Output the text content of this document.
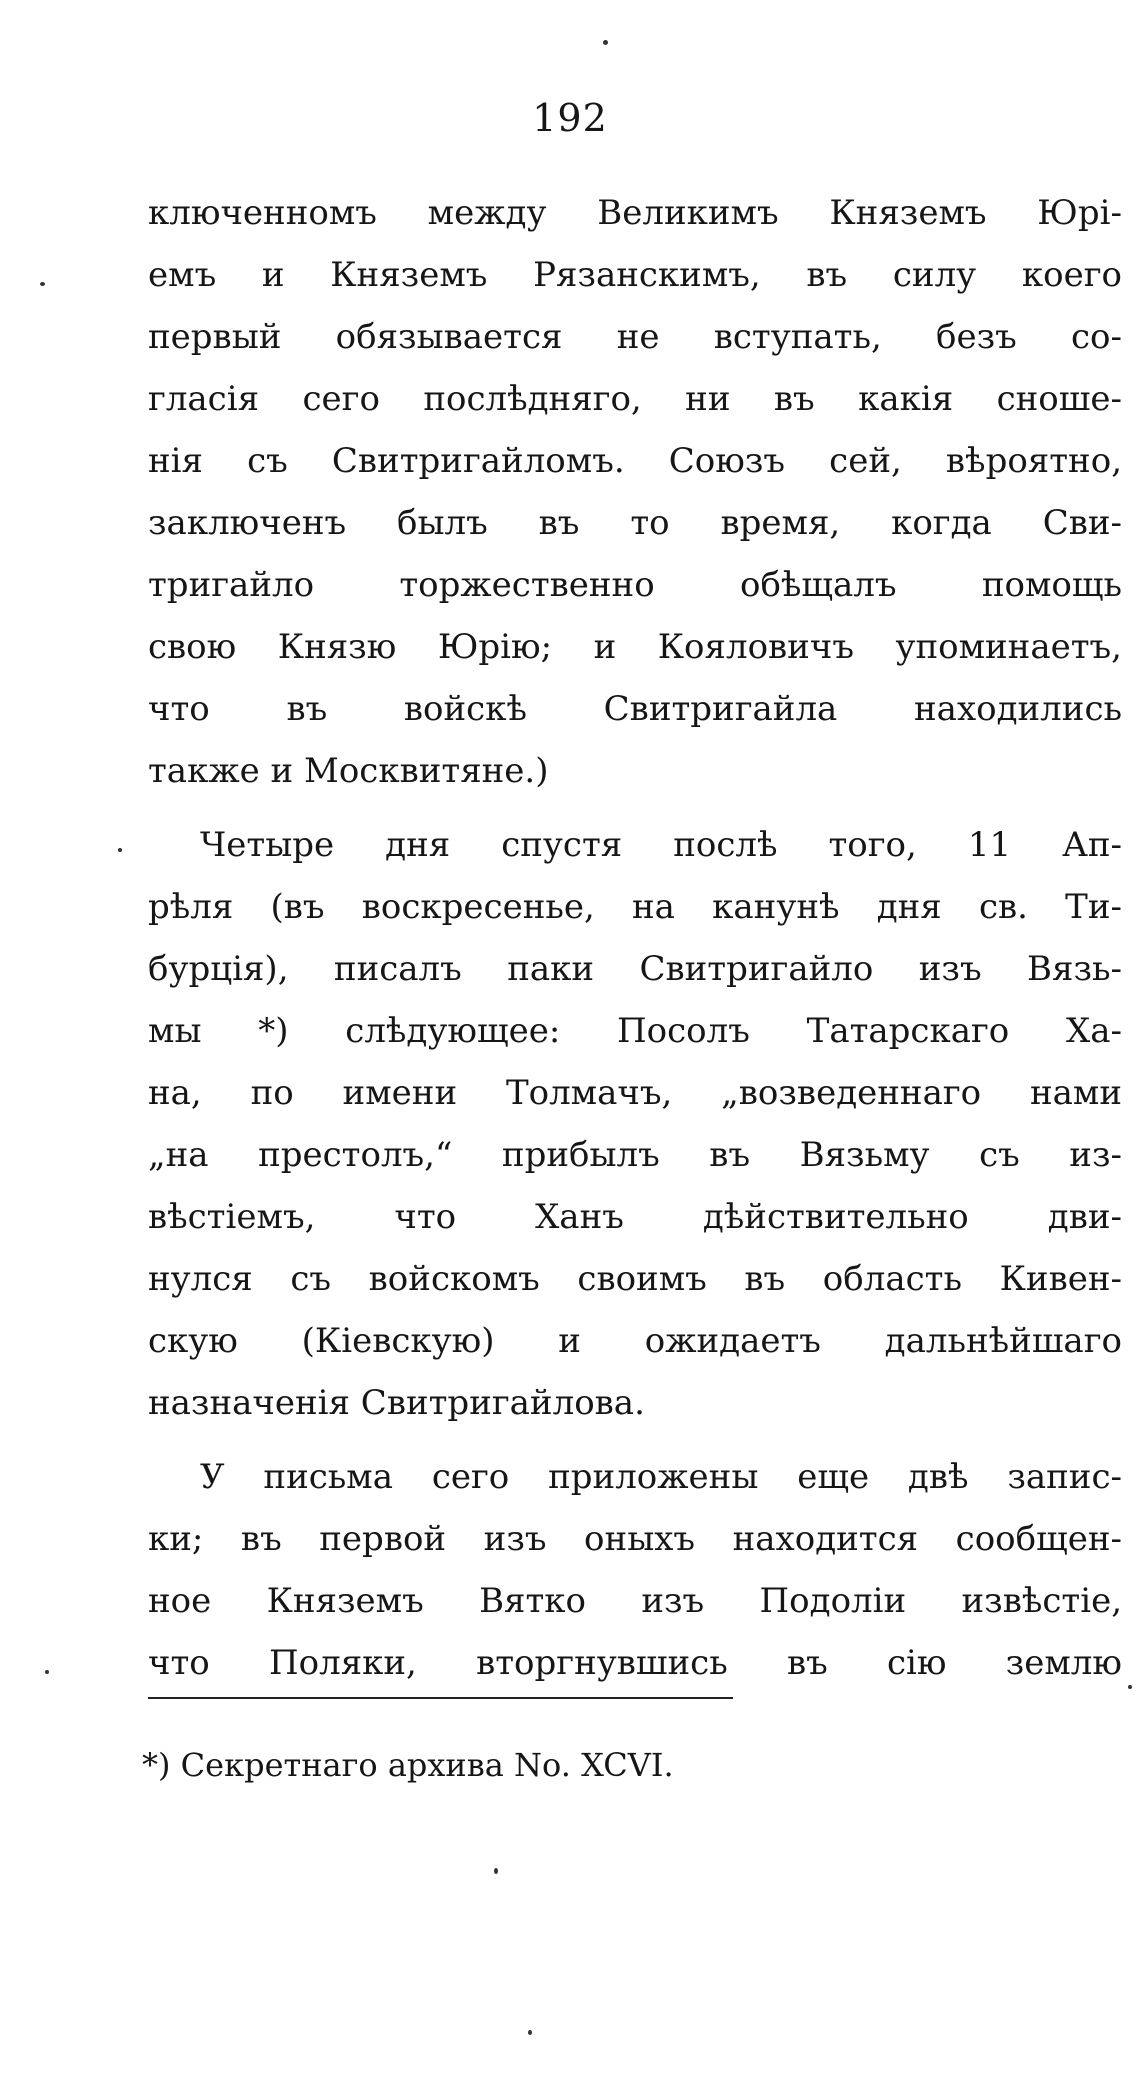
192
ключенномъ между Великимъ Княземъ Юрі-
емъ и Княземъ Рязанскимъ, въ силу коего
первый обязывается не вступать, безъ со-
гласія сего послѣдняго, ни въ какія сноше-
нія съ Свитригайломъ. Союзъ сей, вѣроятно,
заключенъ былъ въ то время, когда Сви-
тригайло торжественно обѣщалъ помощь
свою Князю Юрію; и Кояловичъ упоминаетъ,
что въ войскѣ Свитригайла находились
также и Москвитяне.)
Четыре дня спустя послѣ того, 11 Ап-
рѣля (въ воскресенье, на канунѣ дня св. Ти-
бурція), писалъ паки Свитригайло изъ Вязь-
мы *) слѣдующее: Посолъ Татарскаго Ха-
на, по имени Толмачъ, „возведеннаго нами
„на престолъ,“ прибылъ въ Вязьму съ из-
вѣстіемъ, что Ханъ дѣйствительно дви-
нулся съ войскомъ своимъ въ область Кивен-
скую (Кіевскую) и ожидаетъ дальнѣйшаго
назначенія Свитригайлова.
У письма сего приложены еще двѣ запис-
ки; въ первой изъ оныхъ находится сообщен-
ное Княземъ Вятко изъ Подоліи извѣстіе,
что Поляки, вторгнувшись въ сію землю
*) Секретнаго архива No. XCVI.
